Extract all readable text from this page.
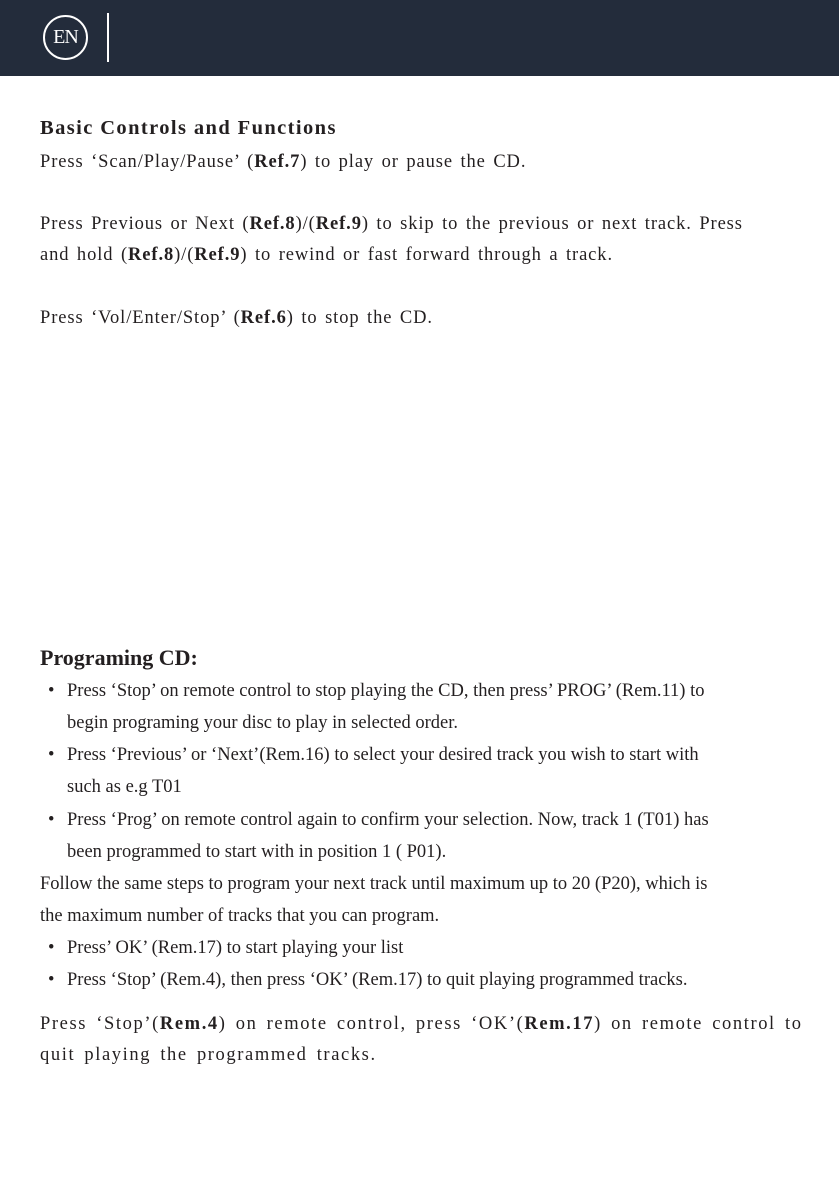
EN
Basic Controls and Functions
Press ‘Scan/Play/Pause’ (Ref.7) to play or pause the CD.
Press Previous or Next (Ref.8)/(Ref.9) to skip to the previous or next track. Press
and hold (Ref.8)/(Ref.9) to rewind or fast forward through a track.
Press ‘Vol/Enter/Stop’ (Ref.6) to stop the CD.
Programing CD:
• Press ‘Stop’ on remote control to stop playing the CD, then press’ PROG’ (Rem.11) to
begin programing your disc to play in selected order.
• Press ‘Previous’ or ‘Next’(Rem.16) to select your desired track you wish to start with
such as e.g T01
• Press ‘Prog’ on remote control again to confirm your selection. Now, track 1 (T01) has
been programmed to start with in position 1 ( P01).
Follow the same steps to program your next track until maximum up to 20 (P20), which is
the maximum number of tracks that you can program.
• Press’ OK’ (Rem.17) to start playing your list
• Press ‘Stop’ (Rem.4), then press ‘OK’ (Rem.17) to quit playing programmed tracks.
Press ‘Stop’(Rem.4) on remote control, press ‘OK’(Rem.17) on remote control to
quit playing the programmed tracks.
